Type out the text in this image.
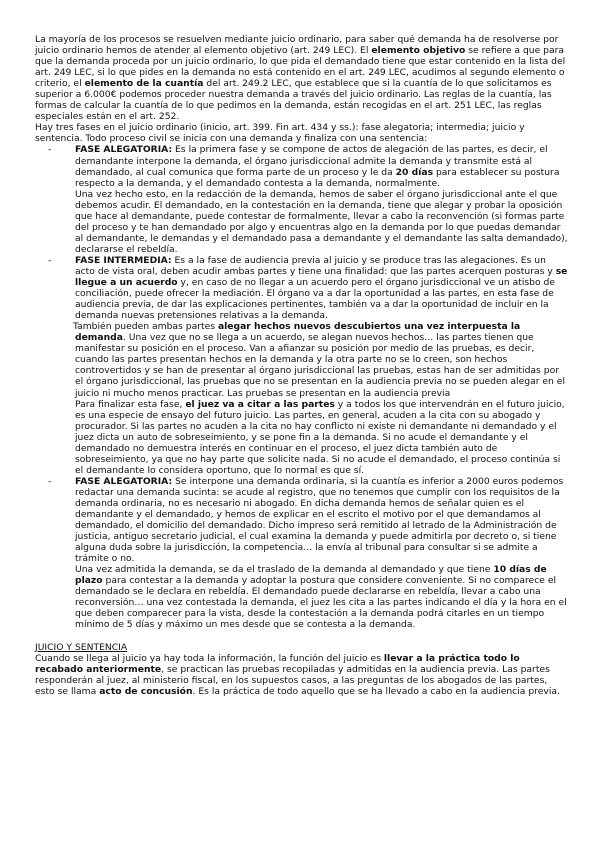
La mayoría de los procesos se resuelven mediante juicio ordinario, para saber qué demanda ha de resolverse por juicio ordinario hemos de atender al elemento objetivo (art. 249 LEC). El elemento objetivo se refiere a que para que la demanda proceda por un juicio ordinario, lo que pida el demandado tiene que estar contenido en la lista del art. 249 LEC, si lo que pides en la demanda no está contenido en el art. 249 LEC, acudimos al segundo elemento o criterio, el elemento de la cuantía del art. 249.2 LEC, que establece que si la cuantía de lo que solicitamos es superior a 6.000€ podemos proceder nuestra demanda a través del juicio ordinario. Las reglas de la cuantía, las formas de calcular la cuantía de lo que pedimos en la demanda, están recogidas en el art. 251 LEC, las reglas especiales están en el art. 252.

Hay tres fases en el juicio ordinario (inicio, art. 399. Fin art. 434 y ss.): fase alegatoria; intermedia; juicio y sentencia. Todo proceso civil se inicia con una demanda y finaliza con una sentencia:

-	FASE ALEGATORIA: Es la primera fase y se compone de actos de alegación de las partes, es decir, el demandante interpone la demanda, el órgano jurisdiccional admite la demanda y transmite está al demandado, al cual comunica que forma parte de un proceso y le da 20 días para establecer su postura respecto a la demanda, y el demandado contesta a la demanda, normalmente.

Una vez hecho esto, en la redacción de la demanda, hemos de saber el órgano jurisdiccional ante el que debemos acudir. El demandado, en la contestación en la demanda, tiene que alegar y probar la oposición que hace al demandante, puede contestar de formalmente, llevar a cabo la reconvención (si formas parte del proceso y te han demandado por algo y encuentras algo en la demanda por lo que puedas demandar al demandante, le demandas y el demandado pasa a demandante y el demandante las salta demandado), declararse el rebeldía.

-	FASE INTERMEDIA: Es a la fase de audiencia previa al juicio y se produce tras las alegaciones. Es un acto de vista oral, deben acudir ambas partes y tiene una finalidad: que las partes acerquen posturas y se llegue a un acuerdo y, en caso de no llegar a un acuerdo pero el órgano jurisdiccional ve un atisbo de conciliación, puede ofrecer la mediación. El órgano va a dar la oportunidad a las partes, en esta fase de audiencia previa, de dar las explicaciones pertinentes, también va a dar la oportunidad de incluir en la demanda nuevas pretensiones relativas a la demanda.

También pueden ambas partes alegar hechos nuevos descubiertos una vez interpuesta la demanda. Una vez que no se llega a un acuerdo, se alegan nuevos hechos… las partes tienen que manifestar su posición en el proceso. Van a afianzar su posición por medio de las pruebas, es decir, cuando las partes presentan hechos en la demanda y la otra parte no se lo creen, son hechos controvertidos y se han de presentar al órgano jurisdiccional las pruebas, estas han de ser admitidas por el órgano jurisdiccional, las pruebas que no se presentan en la audiencia previa no se pueden alegar en el juicio ni mucho menos practicar. Las pruebas se presentan en la audiencia previa

Para finalizar esta fase, el juez va a citar a las partes y a todos los que intervendrán en el futuro juicio, es una especie de ensayo del futuro juicio. Las partes, en general, acuden a la cita con su abogado y procurador. Si las partes no acuden a la cita no hay conflicto ni existe ni demandante ni demandado y el juez dicta un auto de sobreseimiento, y se pone fin a la demanda. Si no acude el demandante y el demandado no demuestra interés en continuar en el proceso, el juez dicta también auto de sobreseimiento, ya que no hay parte que solicite nada. Si no acude el demandado, el proceso continúa si el demandante lo considera oportuno, que lo normal es que sí.

-	FASE ALEGATORIA: Se interpone una demanda ordinaria, si la cuantía es inferior a 2000 euros podemos redactar una demanda sucinta: se acude al registro, que no tenemos que cumplir con los requisitos de la demanda ordinaria, no es necesario ni abogado. En dicha demanda hemos de señalar quien es el demandante y el demandado, y hemos de explicar en el escrito el motivo por el que demandamos al demandado, el domicilio del demandado. Dicho impreso será remitido al letrado de la Administración de justicia, antiguo secretario judicial, el cual examina la demanda y puede admitirla por decreto o, si tiene alguna duda sobre la jurisdicción, la competencia… la envía al tribunal para consultar si se admite a trámite o no.

Una vez admitida la demanda, se da el traslado de la demanda al demandado y que tiene 10 días de plazo para contestar a la demanda y adoptar la postura que considere conveniente. Si no comparece el demandado se le declara en rebeldía. El demandado puede declararse en rebeldía, llevar a cabo una reconversión… una vez contestada la demanda, el juez les cita a las partes indicando el día y la hora en el que deben comparecer para la vista, desde la contestación a la demanda podrá citarles en un tiempo mínimo de 5 días y máximo un mes desde que se contesta a la demanda.

JUICIO Y SENTENCIA

Cuando se llega al juicio ya hay toda la información, la función del juicio es llevar a la práctica todo lo recabado anteriormente, se practican las pruebas recopiladas y admitidas en la audiencia previa. Las partes responderán al juez, al ministerio fiscal, en los supuestos casos, a las preguntas de los abogados de las partes, esto se llama acto de concusión. Es la práctica de todo aquello que se ha llevado a cabo en la audiencia previa.
